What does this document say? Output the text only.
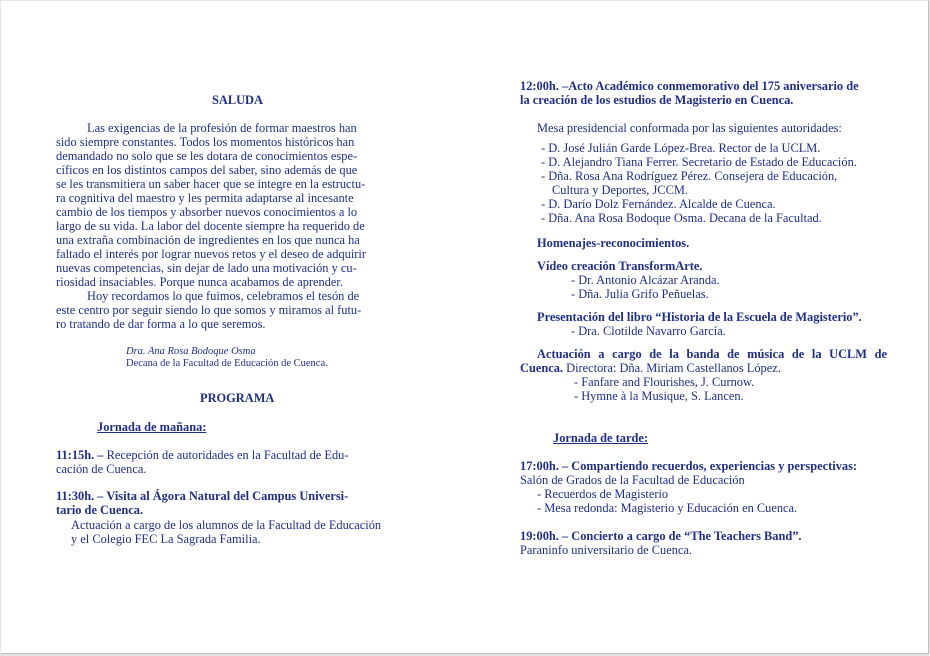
SALUDA
Las exigencias de la profesión de formar maestros han
sido siempre constantes. Todos los momentos históricos han
demandado no solo que se les dotara de conocimientos espe-
cíficos en los distintos campos del saber, sino además de que
se les transmitiera un saber hacer que se integre en la estructu-
ra cognitiva del maestro y les permita adaptarse al incesante
cambio de los tiempos y absorber nuevos conocimientos a lo
largo de su vida. La labor del docente siempre ha requerido de
una extraña combinación de ingredientes en los que nunca ha
faltado el interés por lograr nuevos retos y el deseo de adquirir
nuevas competencias, sin dejar de lado una motivación y cu-
riosidad insaciables. Porque nunca acabamos de aprender.
Hoy recordamos lo que fuimos, celebramos el tesón de
este centro por seguir siendo lo que somos y miramos al futu-
ro tratando de dar forma a lo que seremos.
Dra. Ana Rosa Bodoque Osma
Decana de la Facultad de Educación de Cuenca.
PROGRAMA
Jornada de mañana:
11:15h. – Recepción de autoridades en la Facultad de Edu-
cación de Cuenca.
11:30h. – Visita al Ágora Natural del Campus Universi-
tario de Cuenca.
Actuación a cargo de los alumnos de la Facultad de Educación
y el Colegio FEC La Sagrada Familia.
12:00h. –Acto Académico conmemorativo del 175 aniversario de
la creación de los estudios de Magisterio en Cuenca.
Mesa presidencial conformada por las siguientes autoridades:
- D. José Julián Garde López-Brea. Rector de la UCLM.
- D. Alejandro Tiana Ferrer. Secretario de Estado de Educación.
- Dña. Rosa Ana Rodríguez Pérez. Consejera de Educación,
Cultura y Deportes, JCCM.
- D. Darío Dolz Fernández. Alcalde de Cuenca.
- Dña. Ana Rosa Bodoque Osma. Decana de la Facultad.
Homenajes-reconocimientos.
Vídeo creación TransformArte.
- Dr. Antonio Alcázar Aranda.
- Dña. Julia Grifo Peñuelas.
Presentación del libro “Historia de la Escuela de Magisterio”.
- Dra. Clotilde Navarro García.
Actuación a cargo de la banda de música de la UCLM de
Cuenca. Directora: Dña. Miriam Castellanos López.
- Fanfare and Flourishes, J. Curnow.
- Hymne à la Musique, S. Lancen.
Jornada de tarde:
17:00h. – Compartiendo recuerdos, experiencias y perspectivas:
Salón de Grados de la Facultad de Educación
- Recuerdos de Magisterio
- Mesa redonda: Magisterio y Educación en Cuenca.
19:00h. – Concierto a cargo de “The Teachers Band”.
Paraninfo universitario de Cuenca.
